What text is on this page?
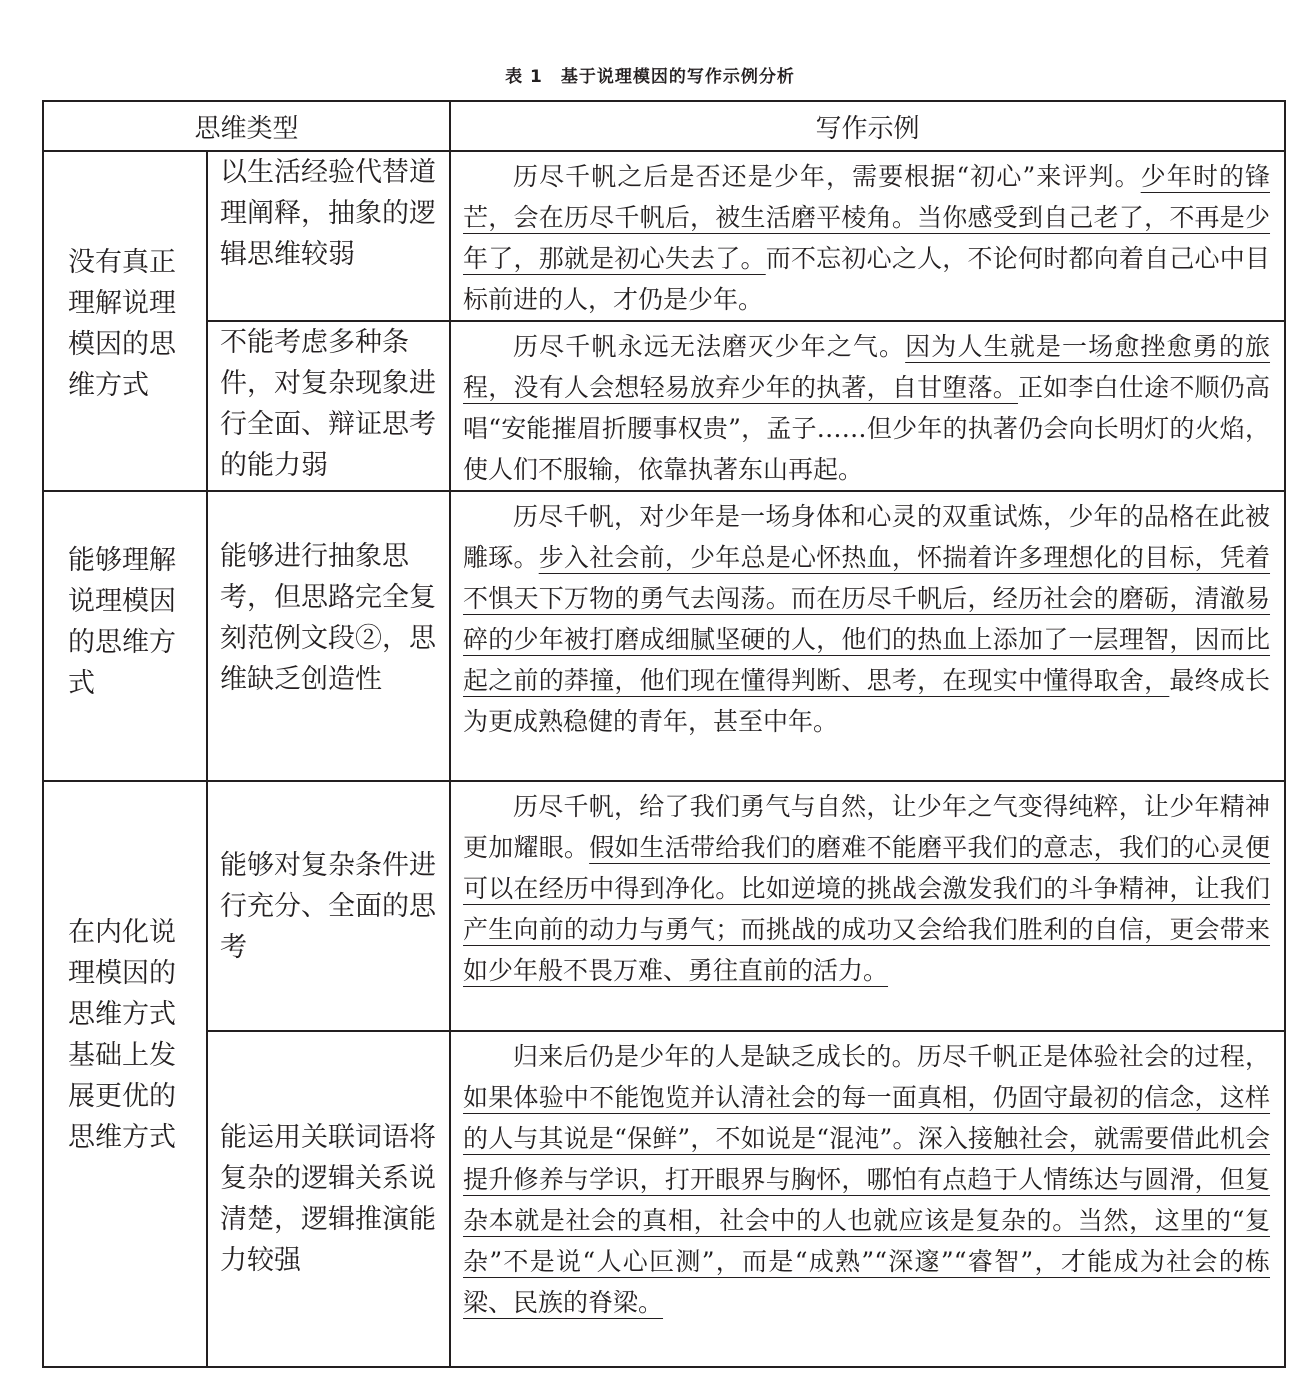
表 1　基于说理模因的写作示例分析
思维类型		写作示例
没有真正理解说理模因的思维方式	以生活经验代替道理阐释，抽象的逻辑思维较弱	历尽千帆之后是否还是少年，需要根据“初心”来评判。少年时的锋芒，会在历尽千帆后，被生活磨平棱角。当你感受到自己老了，不再是少年了，那就是初心失去了。而不忘初心之人，不论何时都向着自己心中目标前进的人，才仍是少年。

	不能考虑多种条件，对复杂现象进行全面、辩证思考的能力弱	历尽千帆永远无法磨灭少年之气。因为人生就是一场愈挫愈勇的旅程，没有人会想轻易放弃少年的执著，自甘堕落。正如李白仕途不顺仍高唱“安能摧眉折腰事权贵”，孟子……但少年的执著仍会向长明灯的火焰，使人们不服输，依靠执著东山再起。

能够理解说理模因的思维方式	能够进行抽象思考，但思路完全复刻范例文段②，思维缺乏创造性	历尽千帆，对少年是一场身体和心灵的双重试炼，少年的品格在此被雕琢。步入社会前，少年总是心怀热血，怀揣着许多理想化的目标，凭着不惧天下万物的勇气去闯荡。而在历尽千帆后，经历社会的磨砺，清澈易碎的少年被打磨成细腻坚硬的人，他们的热血上添加了一层理智，因而比起之前的莽撞，他们现在懂得判断、思考，在现实中懂得取舍，最终成长为更成熟稳健的青年，甚至中年。

在内化说理模因的思维方式基础上发展更优的思维方式	能够对复杂条件进行充分、全面的思考	历尽千帆，给了我们勇气与自然，让少年之气变得纯粹，让少年精神更加耀眼。假如生活带给我们的磨难不能磨平我们的意志，我们的心灵便可以在经历中得到净化。比如逆境的挑战会激发我们的斗争精神，让我们产生向前的动力与勇气；而挑战的成功又会给我们胜利的自信，更会带来如少年般不畏万难、勇往直前的活力。

	能运用关联词语将复杂的逻辑关系说清楚，逻辑推演能力较强	归来后仍是少年的人是缺乏成长的。历尽千帆正是体验社会的过程，如果体验中不能饱览并认清社会的每一面真相，仍固守最初的信念，这样的人与其说是“保鲜”，不如说是“混沌”。深入接触社会，就需要借此机会提升修养与学识，打开眼界与胸怀，哪怕有点趋于人情练达与圆滑，但复杂本就是社会的真相，社会中的人也就应该是复杂的。当然，这里的“复杂”不是说“人心叵测”，而是“成熟”“深邃”“睿智”，才能成为社会的栋梁、民族的脊梁。
